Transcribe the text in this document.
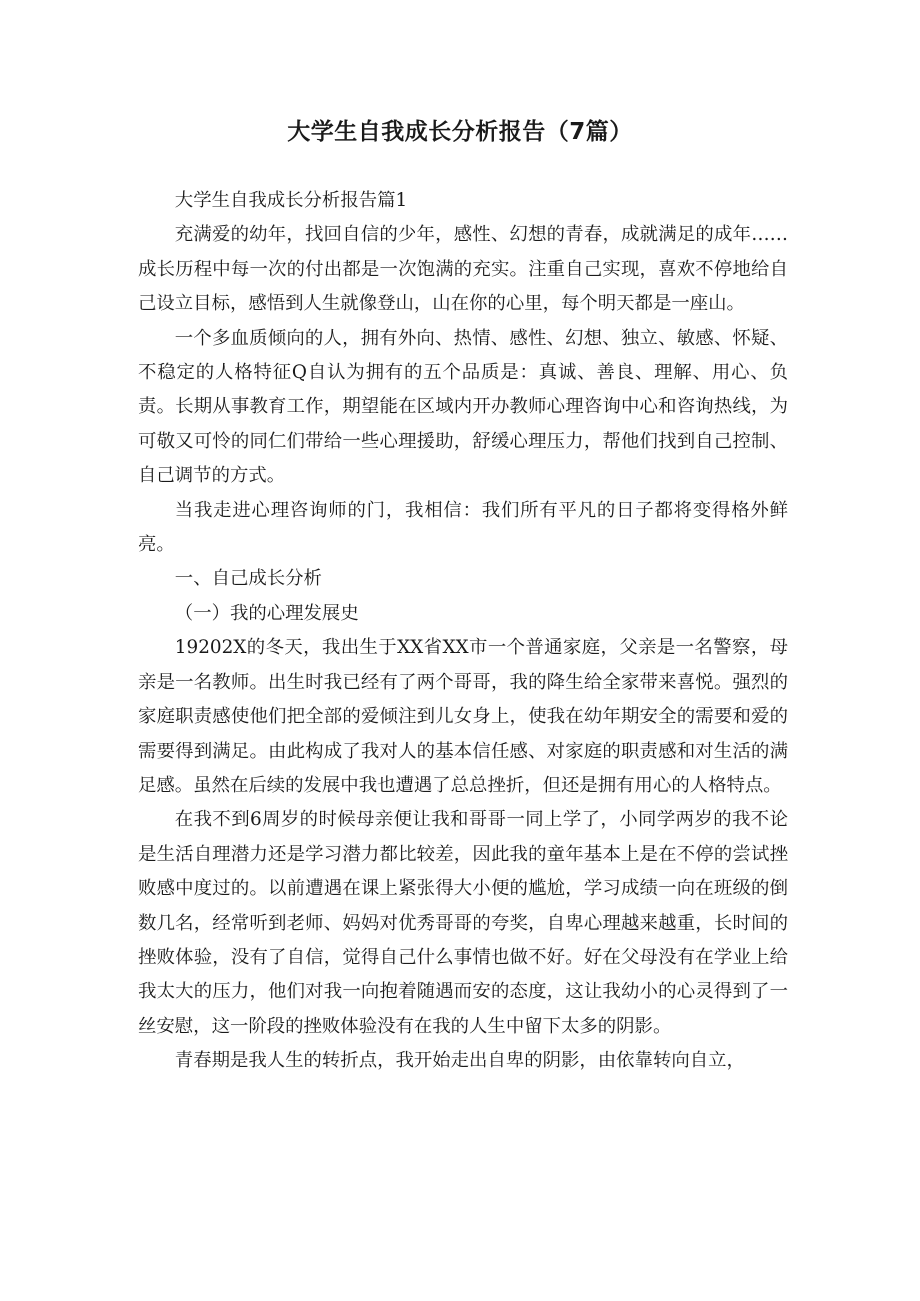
大学生自我成长分析报告（7篇）

大学生自我成长分析报告篇1

充满爱的幼年，找回自信的少年，感性、幻想的青春，成就满足的成年……成长历程中每一次的付出都是一次饱满的充实。注重自己实现，喜欢不停地给自己设立目标，感悟到人生就像登山，山在你的心里，每个明天都是一座山。

一个多血质倾向的人，拥有外向、热情、感性、幻想、独立、敏感、怀疑、不稳定的人格特征Q自认为拥有的五个品质是：真诚、善良、理解、用心、负责。长期从事教育工作，期望能在区域内开办教师心理咨询中心和咨询热线，为可敬又可怜的同仁们带给一些心理援助，舒缓心理压力，帮他们找到自己控制、自己调节的方式。

当我走进心理咨询师的门，我相信：我们所有平凡的日子都将变得格外鲜亮。

一、自己成长分析

（一）我的心理发展史

19202X的冬天，我出生于XX省XX市一个普通家庭，父亲是一名警察，母亲是一名教师。出生时我已经有了两个哥哥，我的降生给全家带来喜悦。强烈的家庭职责感使他们把全部的爱倾注到儿女身上，使我在幼年期安全的需要和爱的需要得到满足。由此构成了我对人的基本信任感、对家庭的职责感和对生活的满足感。虽然在后续的发展中我也遭遇了总总挫折，但还是拥有用心的人格特点。

在我不到6周岁的时候母亲便让我和哥哥一同上学了，小同学两岁的我不论是生活自理潜力还是学习潜力都比较差，因此我的童年基本上是在不停的尝试挫败感中度过的。以前遭遇在课上紧张得大小便的尴尬，学习成绩一向在班级的倒数几名，经常听到老师、妈妈对优秀哥哥的夸奖，自卑心理越来越重，长时间的挫败体验，没有了自信，觉得自己什么事情也做不好。好在父母没有在学业上给我太大的压力，他们对我一向抱着随遇而安的态度，这让我幼小的心灵得到了一丝安慰，这一阶段的挫败体验没有在我的人生中留下太多的阴影。

青春期是我人生的转折点，我开始走出自卑的阴影，由依靠转向自立，
